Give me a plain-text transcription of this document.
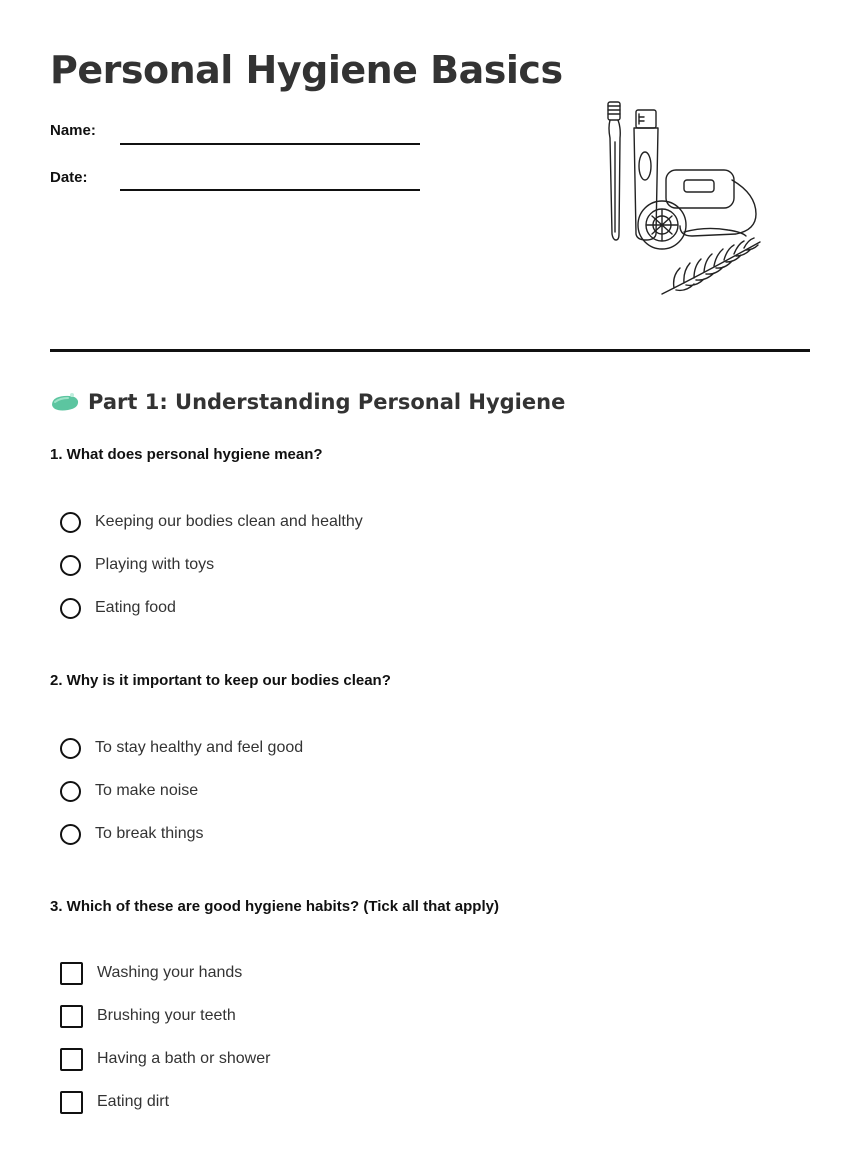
Personal Hygiene Basics
Name:
Date:
Part 1: Understanding Personal Hygiene
1. What does personal hygiene mean?
Keeping our bodies clean and healthy
Playing with toys
Eating food
2. Why is it important to keep our bodies clean?
To stay healthy and feel good
To make noise
To break things
3. Which of these are good hygiene habits? (Tick all that apply)
Washing your hands
Brushing your teeth
Having a bath or shower
Eating dirt
